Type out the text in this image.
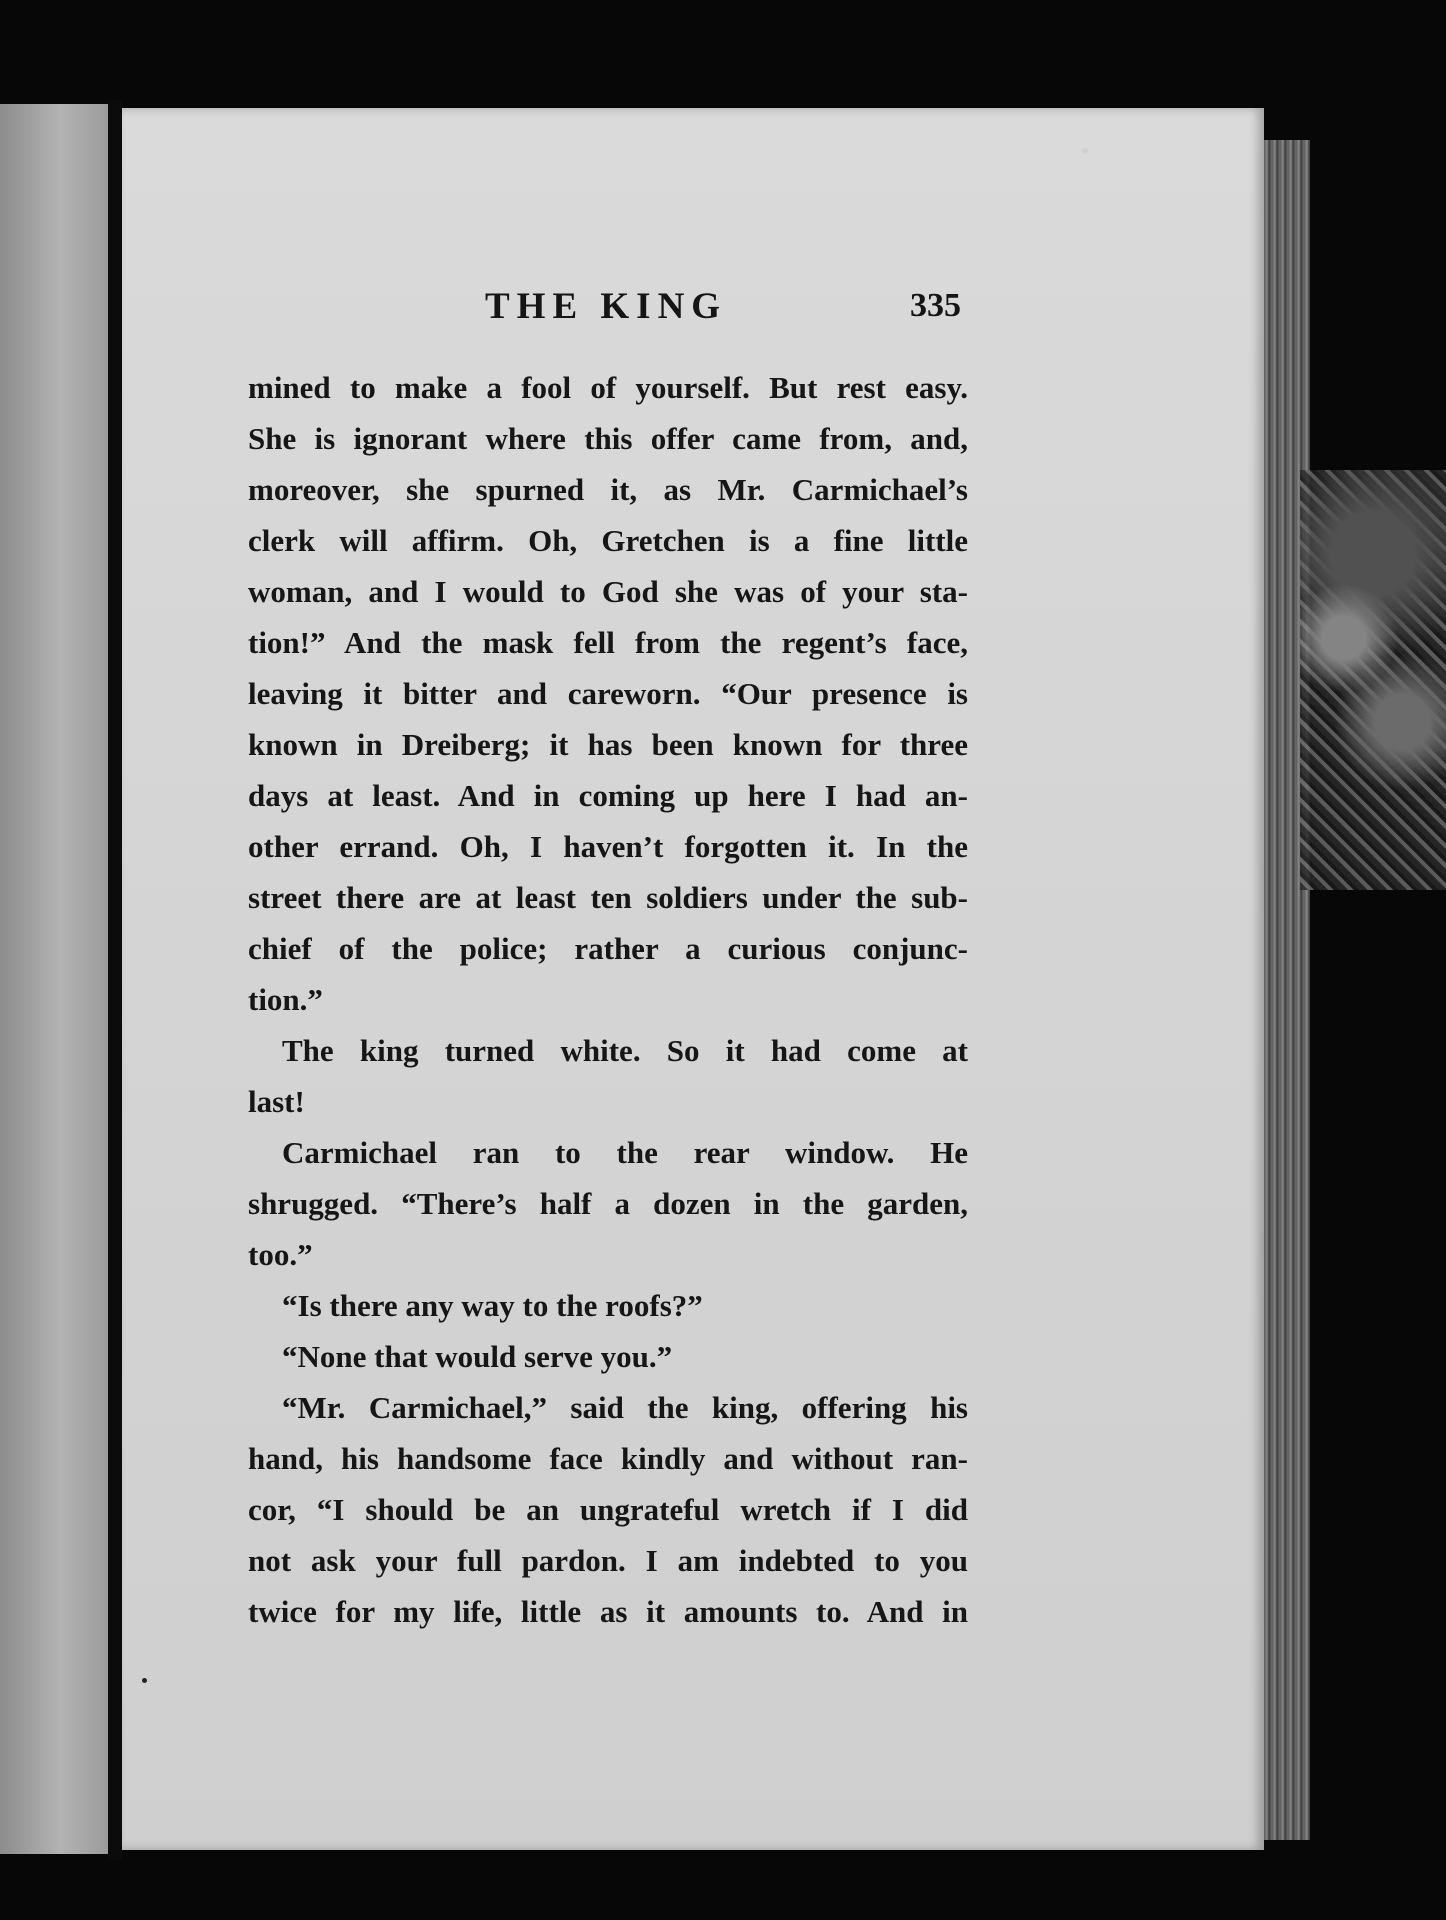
THE KING	335
mined to make a fool of yourself. But rest easy.
She is ignorant where this offer came from, and,
moreover, she spurned it, as Mr. Carmichael’s
clerk will affirm. Oh, Gretchen is a fine little
woman, and I would to God she was of your sta-
tion!” And the mask fell from the regent’s face,
leaving it bitter and careworn. “Our presence is
known in Dreiberg; it has been known for three
days at least. And in coming up here I had an-
other errand. Oh, I haven’t forgotten it. In the
street there are at least ten soldiers under the sub-
chief of the police; rather a curious conjunc-
tion.”
The king turned white. So it had come at
last!
Carmichael ran to the rear window. He
shrugged. “There’s half a dozen in the garden,
too.”
“Is there any way to the roofs?”
“None that would serve you.”
“Mr. Carmichael,” said the king, offering his
hand, his handsome face kindly and without ran-
cor, “I should be an ungrateful wretch if I did
not ask your full pardon. I am indebted to you
twice for my life, little as it amounts to. And in
